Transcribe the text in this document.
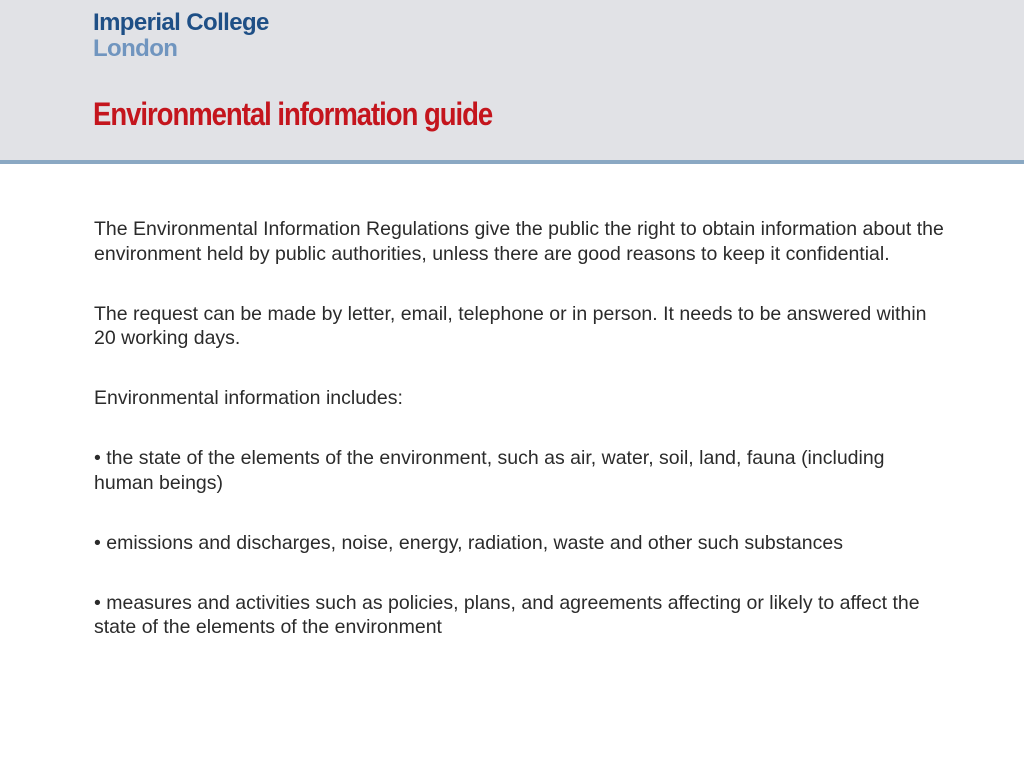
Imperial College
London
Environmental information guide

The Environmental Information Regulations give the public the right to obtain information about the environment held by public authorities, unless there are good reasons to keep it confidential.

The request can be made by letter, email, telephone or in person. It needs to be answered within 20 working days.

Environmental information includes:

• the state of the elements of the environment, such as air, water, soil, land, fauna (including human beings)

• emissions and discharges, noise, energy, radiation, waste and other such substances

• measures and activities such as policies, plans, and agreements affecting or likely to affect the state of the elements of the environment
